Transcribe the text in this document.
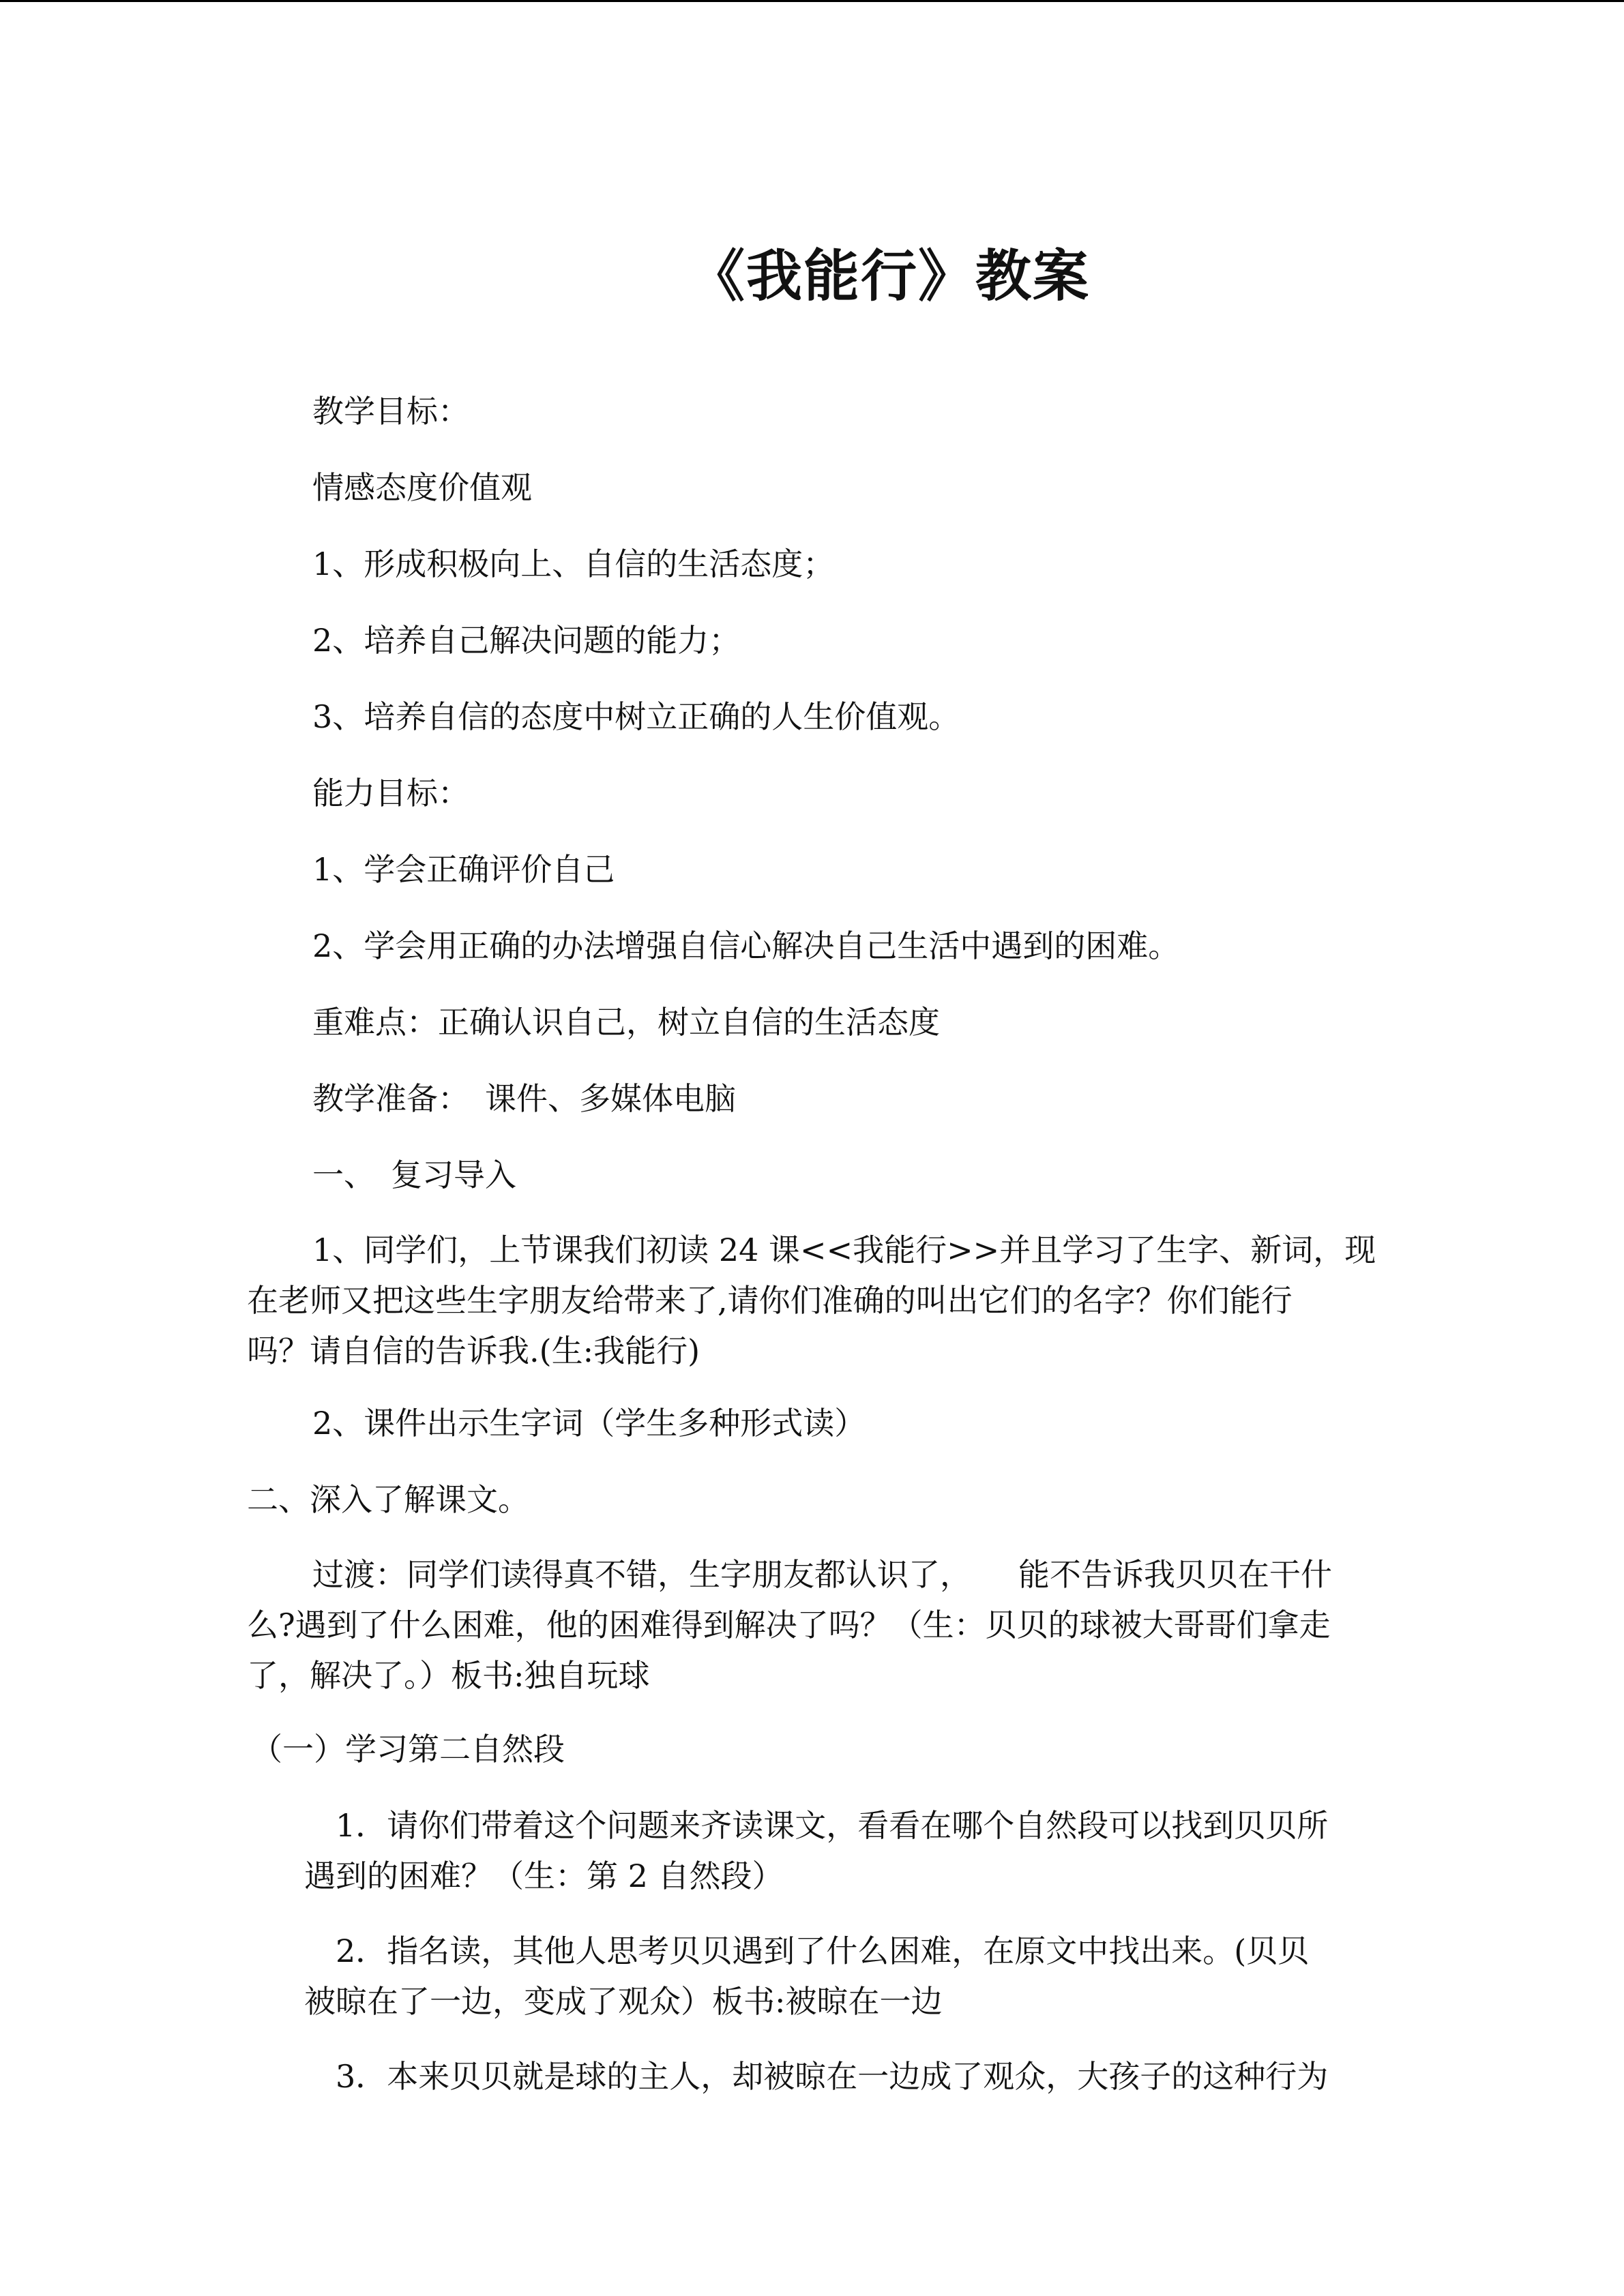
《我能行》教案

教学目标：

情感态度价值观

1、形成积极向上、自信的生活态度；

2、培养自己解决问题的能力；

3、培养自信的态度中树立正确的人生价值观。

能力目标：

1、学会正确评价自己

2、学会用正确的办法增强自信心解决自己生活中遇到的困难。

重难点：正确认识自己，树立自信的生活态度

教学准备：　课件、多媒体电脑

一、　复习导入

1、同学们，上节课我们初读 24 课<<我能行>>并且学习了生字、新词，现

在老师又把这些生字朋友给带来了,请你们准确的叫出它们的名字？你们能行

吗？请自信的告诉我.(生:我能行)

2、课件出示生字词（学生多种形式读）

二、深入了解课文。

过渡：同学们读得真不错，生字朋友都认识了，　　能不告诉我贝贝在干什

么?遇到了什么困难，他的困难得到解决了吗？（生：贝贝的球被大哥哥们拿走

了，解决了。）板书:独自玩球

（一）学习第二自然段

1．请你们带着这个问题来齐读课文，看看在哪个自然段可以找到贝贝所

遇到的困难？（生：第 2 自然段）

2．指名读，其他人思考贝贝遇到了什么困难，在原文中找出来。(贝贝

被晾在了一边，变成了观众）板书:被晾在一边

3．本来贝贝就是球的主人，却被晾在一边成了观众，大孩子的这种行为
